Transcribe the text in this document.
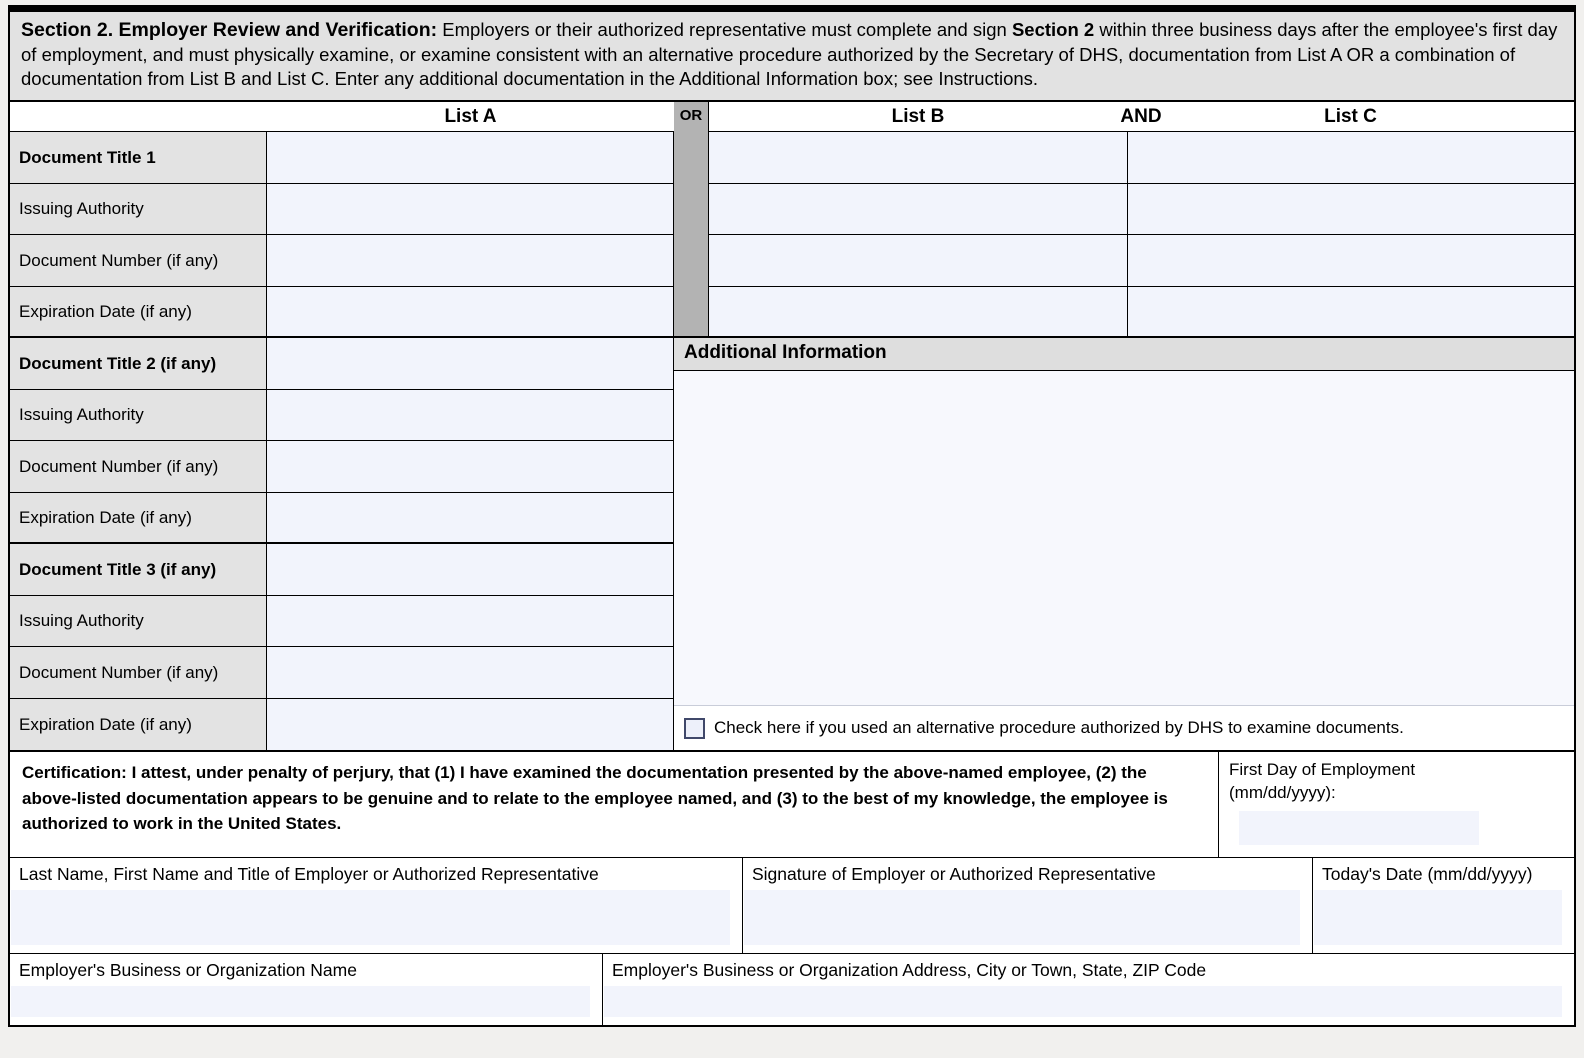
Section 2. Employer Review and Verification: Employers or their authorized representative must complete and sign Section 2 within three business days after the employee's first day of employment, and must physically examine, or examine consistent with an alternative procedure authorized by the Secretary of DHS, documentation from List A OR a combination of documentation from List B and List C. Enter any additional documentation in the Additional Information box; see Instructions.
List A	OR	List B	AND	List C
Document Title 1
Issuing Authority
Document Number (if any)
Expiration Date (if any)
Document Title 2 (if any)
Issuing Authority
Document Number (if any)
Expiration Date (if any)
Document Title 3 (if any)
Issuing Authority
Document Number (if any)
Expiration Date (if any)
Additional Information
Check here if you used an alternative procedure authorized by DHS to examine documents.
Certification: I attest, under penalty of perjury, that (1) I have examined the documentation presented by the above-named employee, (2) the above-listed documentation appears to be genuine and to relate to the employee named, and (3) to the best of my knowledge, the employee is authorized to work in the United States.
First Day of Employment
(mm/dd/yyyy):
Last Name, First Name and Title of Employer or Authorized Representative	Signature of Employer or Authorized Representative	Today's Date (mm/dd/yyyy)
Employer's Business or Organization Name	Employer's Business or Organization Address, City or Town, State, ZIP Code
